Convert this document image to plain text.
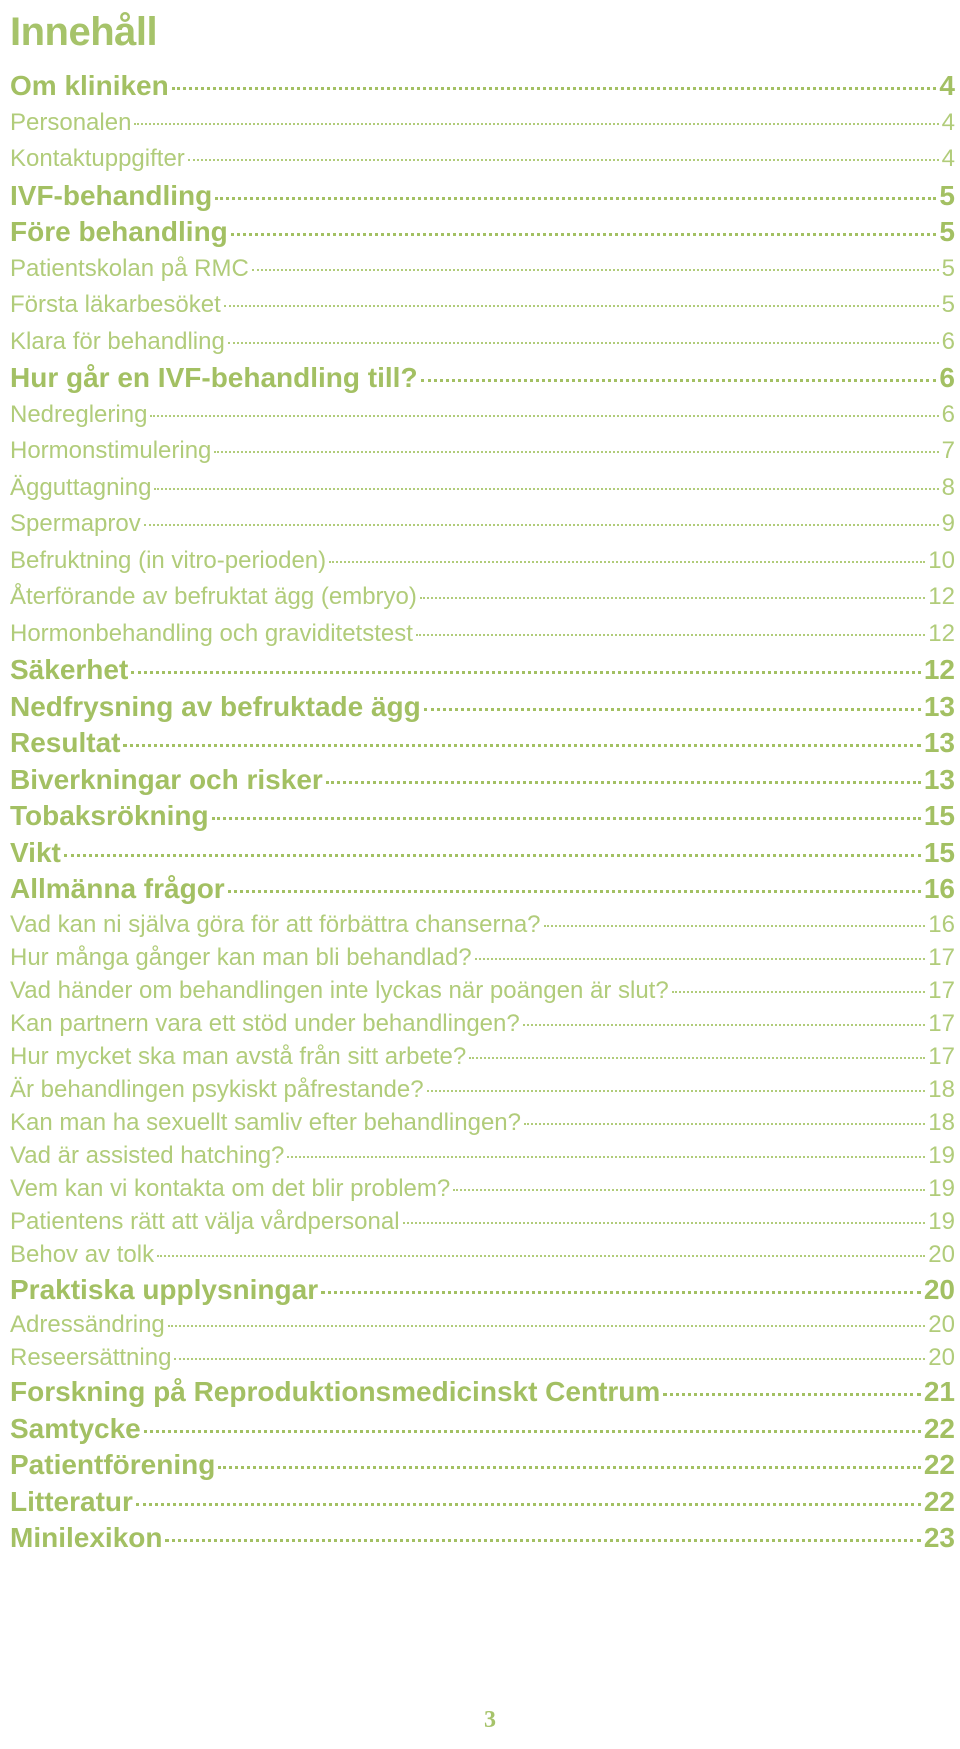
Innehåll
Om kliniken	4
Personalen	4
Kontaktuppgifter	4
IVF-behandling	5
Före behandling	5
Patientskolan på RMC	5
Första läkarbesöket	5
Klara för behandling	6
Hur går en IVF-behandling till?	6
Nedreglering	6
Hormonstimulering	7
Ägguttagning	8
Spermaprov	9
Befruktning (in vitro-perioden)	10
Återförande av befruktat ägg (embryo)	12
Hormonbehandling och graviditetstest	12
Säkerhet	12
Nedfrysning av befruktade ägg	13
Resultat	13
Biverkningar och risker	13
Tobaksrökning	15
Vikt	15
Allmänna frågor	16
Vad kan ni själva göra för att förbättra chanserna?	16
Hur många gånger kan man bli behandlad?	17
Vad händer om behandlingen inte lyckas när poängen är slut?	17
Kan partnern vara ett stöd under behandlingen?	17
Hur mycket ska man avstå från sitt arbete?	17
Är behandlingen psykiskt påfrestande?	18
Kan man ha sexuellt samliv efter behandlingen?	18
Vad är assisted hatching?	19
Vem kan vi kontakta om det blir problem?	19
Patientens rätt att välja vårdpersonal	19
Behov av tolk	20
Praktiska upplysningar	20
Adressändring	20
Reseersättning	20
Forskning på Reproduktionsmedicinskt Centrum	21
Samtycke	22
Patientförening	22
Litteratur	22
Minilexikon	23
3
